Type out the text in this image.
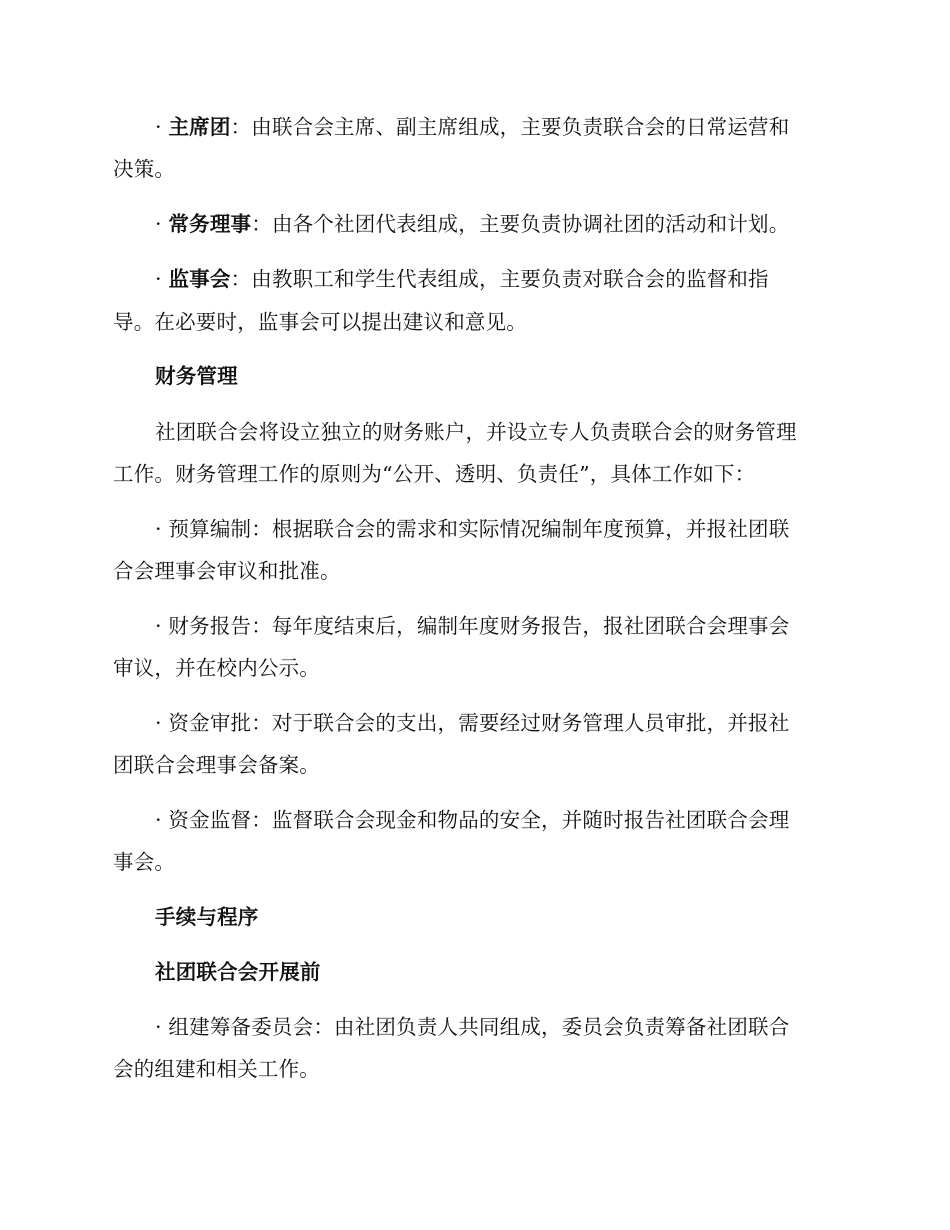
· 主席团：由联合会主席、副主席组成，主要负责联合会的日常运营和
决策。
· 常务理事：由各个社团代表组成，主要负责协调社团的活动和计划。
· 监事会：由教职工和学生代表组成，主要负责对联合会的监督和指
导。在必要时，监事会可以提出建议和意见。
财务管理
社团联合会将设立独立的财务账户，并设立专人负责联合会的财务管理
工作。财务管理工作的原则为“公开、透明、负责任”，具体工作如下：
· 预算编制：根据联合会的需求和实际情况编制年度预算，并报社团联
合会理事会审议和批准。
· 财务报告：每年度结束后，编制年度财务报告，报社团联合会理事会
审议，并在校内公示。
· 资金审批：对于联合会的支出，需要经过财务管理人员审批，并报社
团联合会理事会备案。
· 资金监督：监督联合会现金和物品的安全，并随时报告社团联合会理
事会。
手续与程序
社团联合会开展前
· 组建筹备委员会：由社团负责人共同组成，委员会负责筹备社团联合
会的组建和相关工作。
